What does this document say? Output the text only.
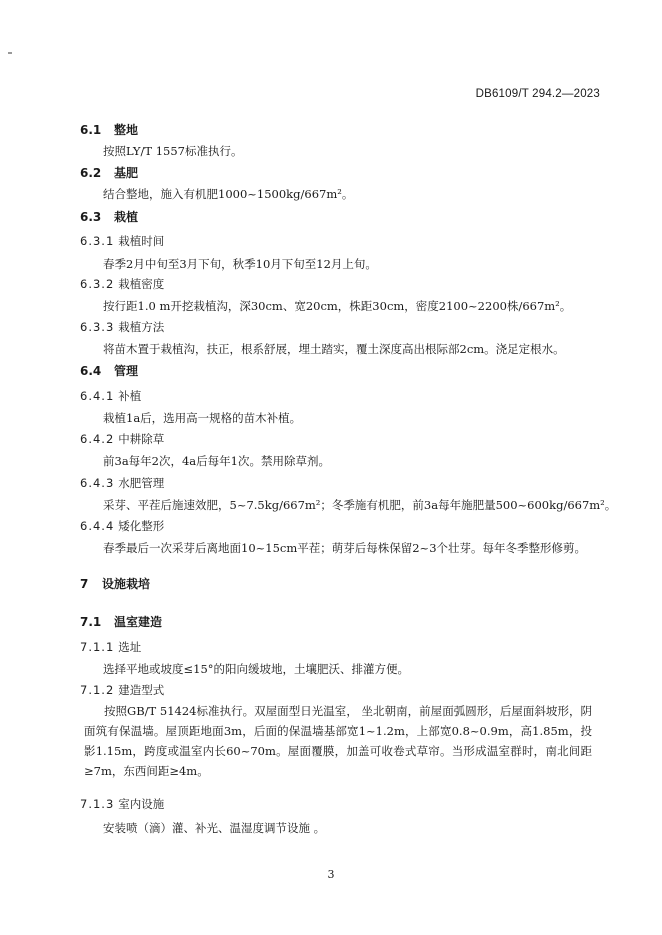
DB6109/T 294.2—2023
6.1 整地
按照LY/T 1557标准执行。
6.2 基肥
结合整地，施入有机肥1000~1500kg/667m²。
6.3 栽植
6.3.1 栽植时间
春季2月中旬至3月下旬，秋季10月下旬至12月上旬。
6.3.2 栽植密度
按行距1.0 m开挖栽植沟，深30cm、宽20cm，株距30cm，密度2100~2200株/667m²。
6.3.3 栽植方法
将苗木置于栽植沟，扶正，根系舒展，埋土踏实，覆土深度高出根际部2cm。浇足定根水。
6.4 管理
6.4.1 补植
栽植1a后，选用高一规格的苗木补植。
6.4.2 中耕除草
前3a每年2次，4a后每年1次。禁用除草剂。
6.4.3 水肥管理
采芽、平茬后施速效肥，5~7.5kg/667m²；冬季施有机肥，前3a每年施肥量500~600kg/667m²。
6.4.4 矮化整形
春季最后一次采芽后离地面10~15cm平茬；萌芽后每株保留2~3个壮芽。每年冬季整形修剪。
7 设施栽培
7.1 温室建造
7.1.1 选址
选择平地或坡度≤15°的阳向缓坡地，土壤肥沃、排灌方便。
7.1.2 建造型式
按照GB/T 51424标准执行。双屋面型日光温室， 坐北朝南，前屋面弧圆形，后屋面斜坡形，阴面筑有保温墙。屋顶距地面3m，后面的保温墙基部宽1~1.2m，上部宽0.8~0.9m，高1.85m，投影1.15m，跨度或温室内长60~70m。屋面覆膜，加盖可收卷式草帘。当形成温室群时，南北间距≥7m，东西间距≥4m。
7.1.3 室内设施
安装喷（滴）灌、补光、温湿度调节设施 。
3
